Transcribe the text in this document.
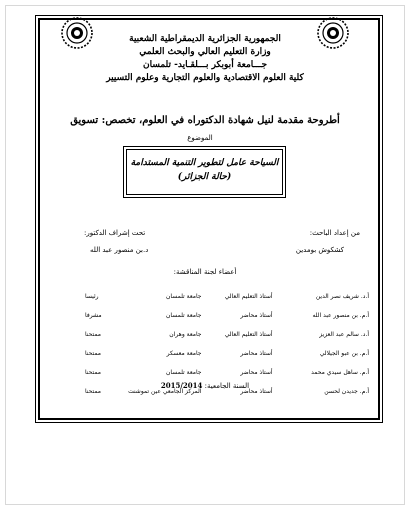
الجمهورية الجزائرية الديمقراطية الشعبية
وزارة التعليم العالي والبحث العلمي
جـــامعة أبوبكر بـــلقـايد- تلمسان
كلية العلوم الاقتصادية والعلوم التجارية وعلوم التسيير
أطروحة مقدمة لنيل شهادة الدكتوراه في العلوم، تخصص: تسويق
الموضوع
السياحة عامل لتطوير التنمية المستدامة
(حالة الجزائر)
من إعداد الباحث:
كشكوش بومدين
تحت إشراف الدكتور:
د.بن منصور عبد الله
أعضاء لجنة المناقشة:
أ.د. شريف نصر الدين	أستاذ التعليم العالي	جامعة تلمسان	رئيسا
أ.م. بن منصور عبد الله	أستاذ محاضر	جامعة تلمسان	مشرفا
أ.د. سالم عبد العزيز	أستاذ التعليم العالي	جامعة وهران	ممتحنا
أ.م. بن عبو الجيلالي	أستاذ محاضر	جامعة معسكر	ممتحنا
أ.م. ساهل سيدي محمد	أستاذ محاضر	جامعة تلمسان	ممتحنا
أ.م. جديدن لحسن	أستاذ محاضر	المركز الجامعي عين تموشنت	ممتحنا
السنة الجامعية: 2015/2014
